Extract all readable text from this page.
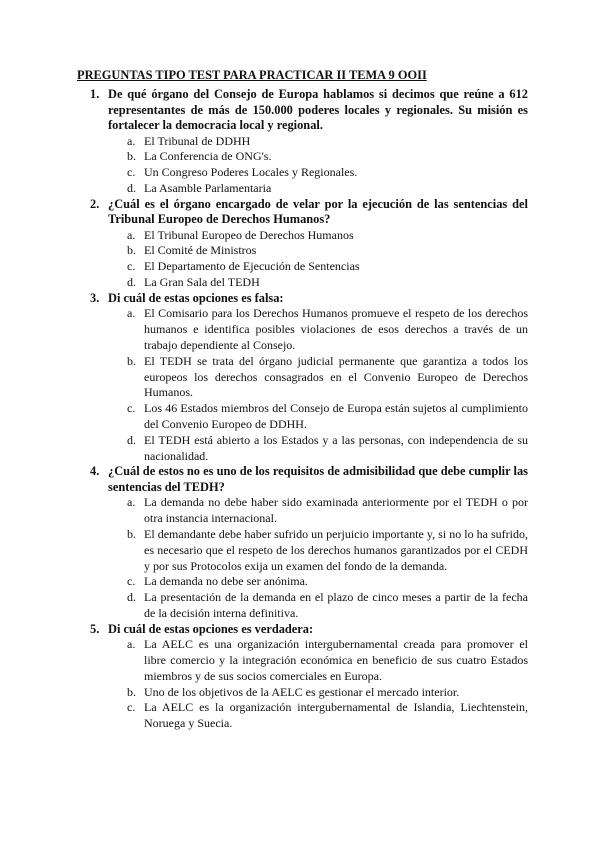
PREGUNTAS TIPO TEST PARA PRACTICAR II TEMA 9 OOII
1. De qué órgano del Consejo de Europa hablamos si decimos que reúne a 612 representantes de más de 150.000 poderes locales y regionales. Su misión es fortalecer la democracia local y regional.

a. El Tribunal de DDHH
b. La Conferencia de ONG's.
c. Un Congreso Poderes Locales y Regionales.
d. La Asamble Parlamentaria
2. ¿Cuál es el órgano encargado de velar por la ejecución de las sentencias del Tribunal Europeo de Derechos Humanos?

a. El Tribunal Europeo de Derechos Humanos
b. El Comité de Ministros
c. El Departamento de Ejecución de Sentencias
d. La Gran Sala del TEDH
3. Di cuál de estas opciones es falsa:

a. El Comisario para los Derechos Humanos promueve el respeto de los derechos humanos e identifica posibles violaciones de esos derechos a través de un trabajo dependiente al Consejo.
b. El TEDH se trata del órgano judicial permanente que garantiza a todos los europeos los derechos consagrados en el Convenio Europeo de Derechos Humanos.
c. Los 46 Estados miembros del Consejo de Europa están sujetos al cumplimiento del Convenio Europeo de DDHH.
d. El TEDH está abierto a los Estados y a las personas, con independencia de su nacionalidad.
4. ¿Cuál de estos no es uno de los requisitos de admisibilidad que debe cumplir las sentencias del TEDH?

a. La demanda no debe haber sido examinada anteriormente por el TEDH o por otra instancia internacional.
b. El demandante debe haber sufrido un perjuicio importante y, si no lo ha sufrido, es necesario que el respeto de los derechos humanos garantizados por el CEDH y por sus Protocolos exija un examen del fondo de la demanda.
c. La demanda no debe ser anónima.
d. La presentación de la demanda en el plazo de cinco meses a partir de la fecha de la decisión interna definitiva.
5. Di cuál de estas opciones es verdadera:

a. La AELC es una organización intergubernamental creada para promover el libre comercio y la integración económica en beneficio de sus cuatro Estados miembros y de sus socios comerciales en Europa.
b. Uno de los objetivos de la AELC es gestionar el mercado interior.
c. La AELC es la organización intergubernamental de Islandia, Liechtenstein, Noruega y Suecia.
